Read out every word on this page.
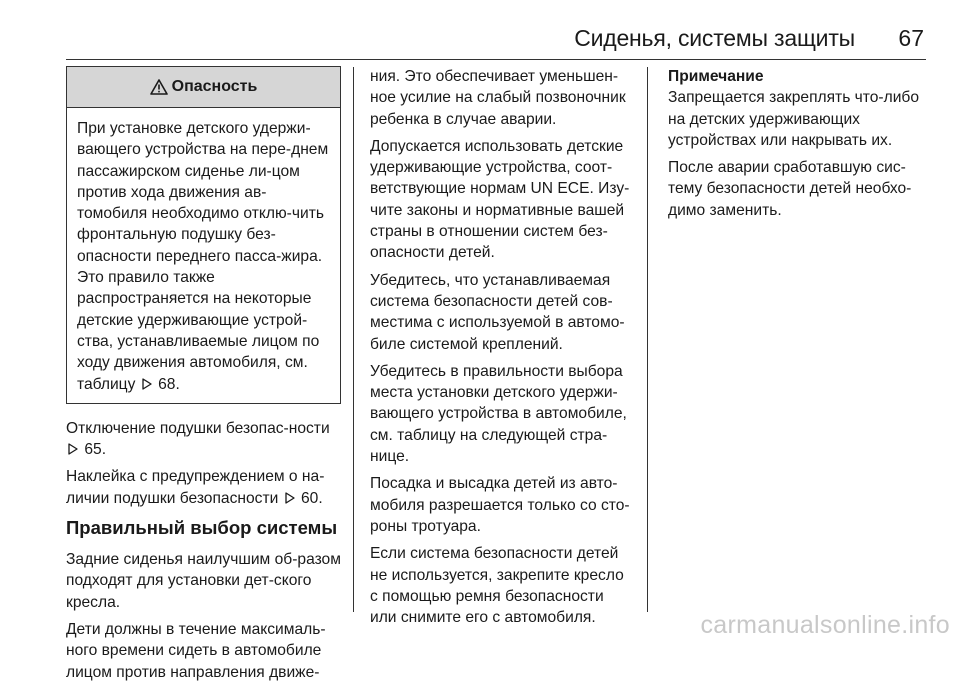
Сиденья, системы защиты 67
Опасность
При установке детского удержи-вающего устройства на пере-днем пассажирском сиденье ли-цом против хода движения ав-томобиля необходимо отклю-чить фронтальную подушку без-опасности переднего пасса-жира. Это правило также распространяется на некоторые детские удерживающие устрой-ства, устанавливаемые лицом по ходу движения автомобиля, см. таблицу 68.

Отключение подушки безопас-ности  65.

Наклейка с предупреждением о на-личии подушки безопасности 60.

Правильный выбор системы

Задние сиденья наилучшим об-разом подходят для установки дет-ского кресла.

Дети должны в течение максималь-ного времени сидеть в автомобиле лицом против направления движе-

ния. Это обеспечивает уменьшен-ное усилие на слабый позвоночник ребенка в случае аварии.

Допускается использовать детские удерживающие устройства, соот-ветствующие нормам UN ECE. Изу-чите законы и нормативные вашей страны в отношении систем без-опасности детей.

Убедитесь, что устанавливаемая система безопасности детей сов-местима с используемой в автомо-биле системой креплений.

Убедитесь в правильности выбора места установки детского удержи-вающего устройства в автомобиле, см. таблицу на следующей стра-нице.

Посадка и высадка детей из авто-мобиля разрешается только со сто-роны тротуара.

Если система безопасности детей не используется, закрепите кресло с помощью ремня безопасности или снимите его с автомобиля.

Примечание

Запрещается закреплять что-либо на детских удерживающих устройствах или накрывать их.

После аварии сработавшую сис-тему безопасности детей необхо-димо заменить.

carmanualsonline.info
